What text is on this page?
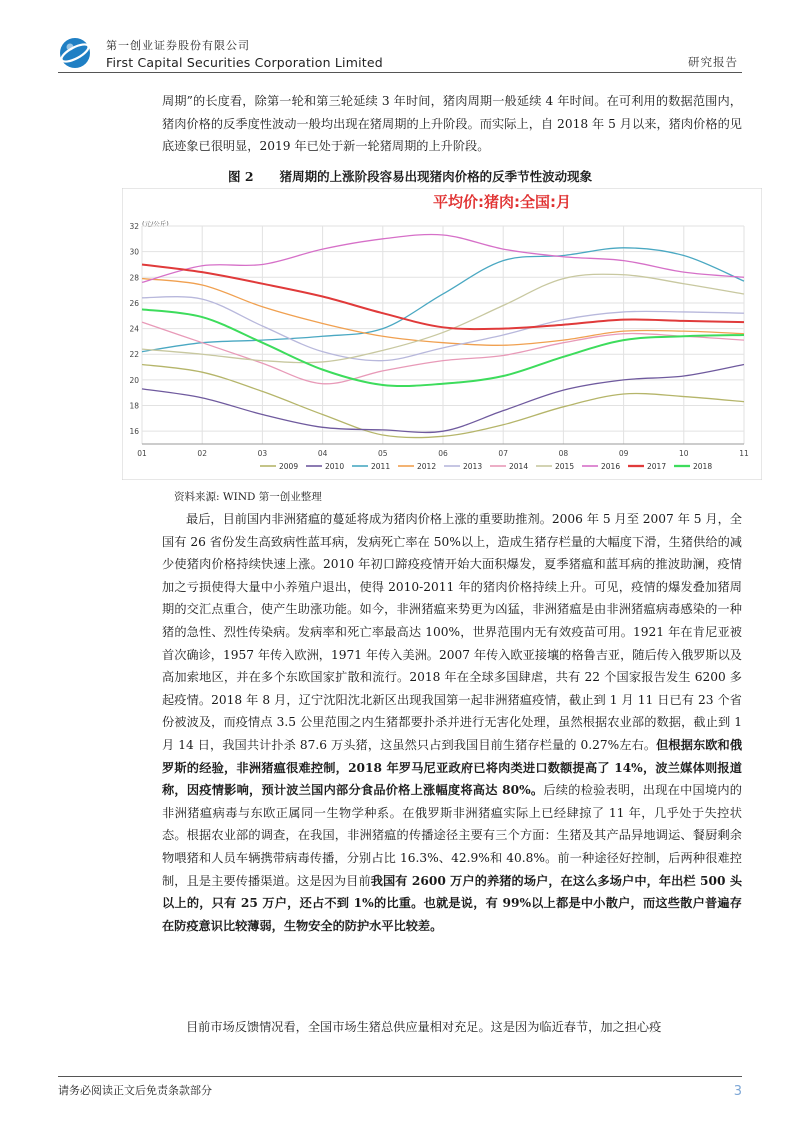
第一创业证券股份有限公司
First Capital Securities Corporation Limited	研究报告

周期”的长度看，除第一轮和第三轮延续 3 年时间，猪肉周期一般延续 4 年时间。在可利用的数据范围内，猪肉价格的反季度性波动一般均出现在猪周期的上升阶段。而实际上，自 2018 年 5 月以来，猪肉价格的见底迹象已很明显，2019 年已处于新一轮猪周期的上升阶段。

图 2 猪周期的上涨阶段容易出现猪肉价格的反季节性波动现象
平均价:猪肉:全国:月
(元/公斤)
16
18
20
22
24
26
28
30
32
01	02	03	04	05	06	07	08	09	10	11
2009	2010	2011	2012	2013	2014	2015	2016	2017	2018
资料来源: WIND 第一创业整理

最后，目前国内非洲猪瘟的蔓延将成为猪肉价格上涨的重要助推剂。2006 年 5 月至 2007 年 5 月，全国有 26 省份发生高致病性蓝耳病，发病死亡率在 50%以上，造成生猪存栏量的大幅度下滑，生猪供给的减少使猪肉价格持续快速上涨。2010 年初口蹄疫疫情开始大面积爆发，夏季猪瘟和蓝耳病的推波助澜，疫情加之亏损使得大量中小养殖户退出，使得 2010-2011 年的猪肉价格持续上升。可见，疫情的爆发叠加猪周期的交汇点重合，使产生助涨功能。如今，非洲猪瘟来势更为凶猛，非洲猪瘟是由非洲猪瘟病毒感染的一种猪的急性、烈性传染病。发病率和死亡率最高达 100%，世界范围内无有效疫苗可用。1921 年在肯尼亚被首次确诊，1957 年传入欧洲，1971 年传入美洲。2007 年传入欧亚接壤的格鲁吉亚，随后传入俄罗斯以及高加索地区，并在多个东欧国家扩散和流行。2018 年在全球多国肆虐，共有 22 个国家报告发生 6200 多起疫情。2018 年 8 月，辽宁沈阳沈北新区出现我国第一起非洲猪瘟疫情，截止到 1 月 11 日已有 23 个省份被波及，而疫情点 3.5 公里范围之内生猪都要扑杀并进行无害化处理，虽然根据农业部的数据，截止到 1 月 14 日，我国共计扑杀 87.6 万头猪，这虽然只占到我国目前生猪存栏量的 0.27%左右。但根据东欧和俄罗斯的经验，非洲猪瘟很难控制，2018 年罗马尼亚政府已将肉类进口数额提高了 14%，波兰媒体则报道称，因疫情影响，预计波兰国内部分食品价格上涨幅度将高达 80%。后续的检验表明，出现在中国境内的非洲猪瘟病毒与东欧正属同一生物学种系。在俄罗斯非洲猪瘟实际上已经肆掠了 11 年，几乎处于失控状态。根据农业部的调查，在我国，非洲猪瘟的传播途径主要有三个方面：生猪及其产品异地调运、餐厨剩余物喂猪和人员车辆携带病毒传播，分别占比 16.3%、42.9%和 40.8%。前一种途径好控制，后两种很难控制，且是主要传播渠道。这是因为目前我国有 2600 万户的养猪的场户，在这么多场户中，年出栏 500 头以上的，只有 25 万户，还占不到 1%的比重。也就是说，有 99%以上都是中小散户，而这些散户普遍存在防疫意识比较薄弱，生物安全的防护水平比较差。

目前市场反馈情况看，全国市场生猪总供应量相对充足。这是因为临近春节，加之担心疫

请务必阅读正文后免责条款部分	3
